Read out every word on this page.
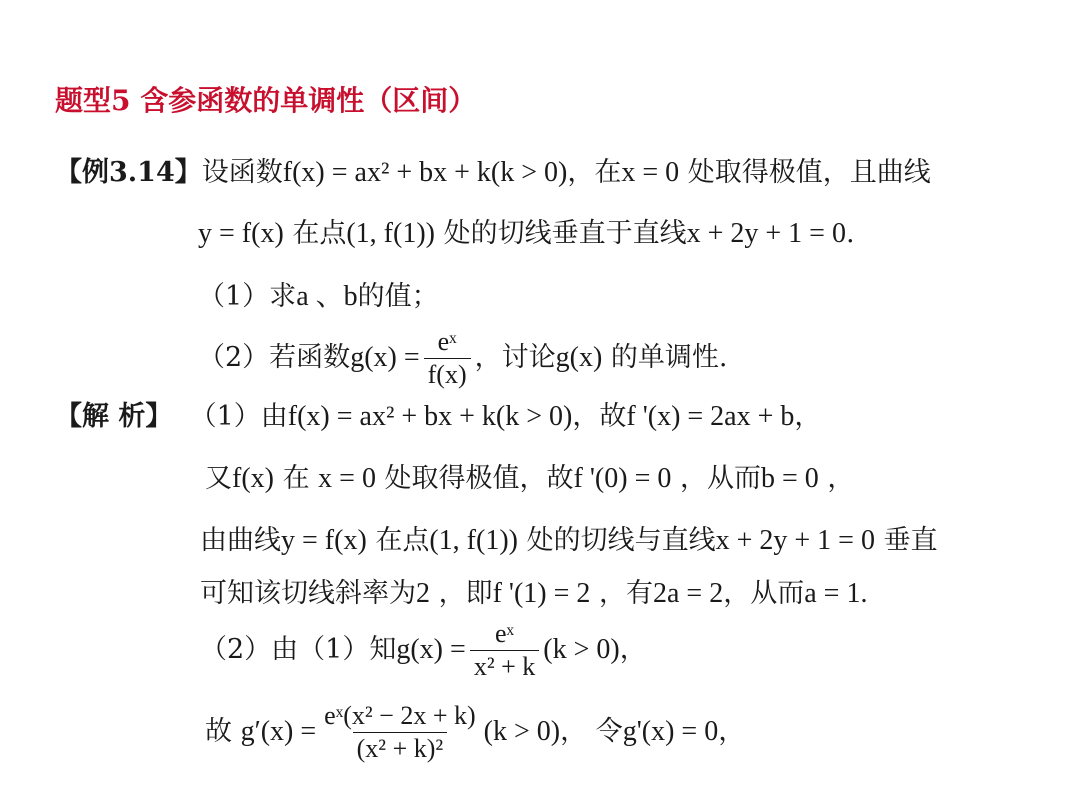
题型5 含参函数的单调性（区间）
【例3.14】设函数f(x) = ax² + bx + k(k > 0)，在x = 0 处取得极值，且曲线
y = f(x) 在点(1, f(1)) 处的切线垂直于直线x + 2y + 1 = 0.
（1）求a 、b的值；
（2）若函数$g(x) = \frac{\text{eˣ}}{f(x)}$ ，讨论g(x) 的单调性.
【解 析】 （1）由f(x) = ax² + bx + k(k > 0)，故f '(x) = 2ax + b，
又f(x) 在 x = 0 处取得极值，故f '(0) = 0 ，从而b = 0 ，
由曲线y = f(x) 在点(1, f(1)) 处的切线与直线x + 2y + 1 = 0 垂直
可知该切线斜率为2 ，即f '(1) = 2 ，有2a = 2，从而a = 1.
（2）由（1）知$g(x) = \frac{\text{eˣ}}{\text{x² + k}} (k > 0)$，
故 $g'(x) = \frac{\text{eˣ(x² − 2x + k)}}{\text{(x² + k)²}} (k > 0)$， 令g'(x) = 0，
